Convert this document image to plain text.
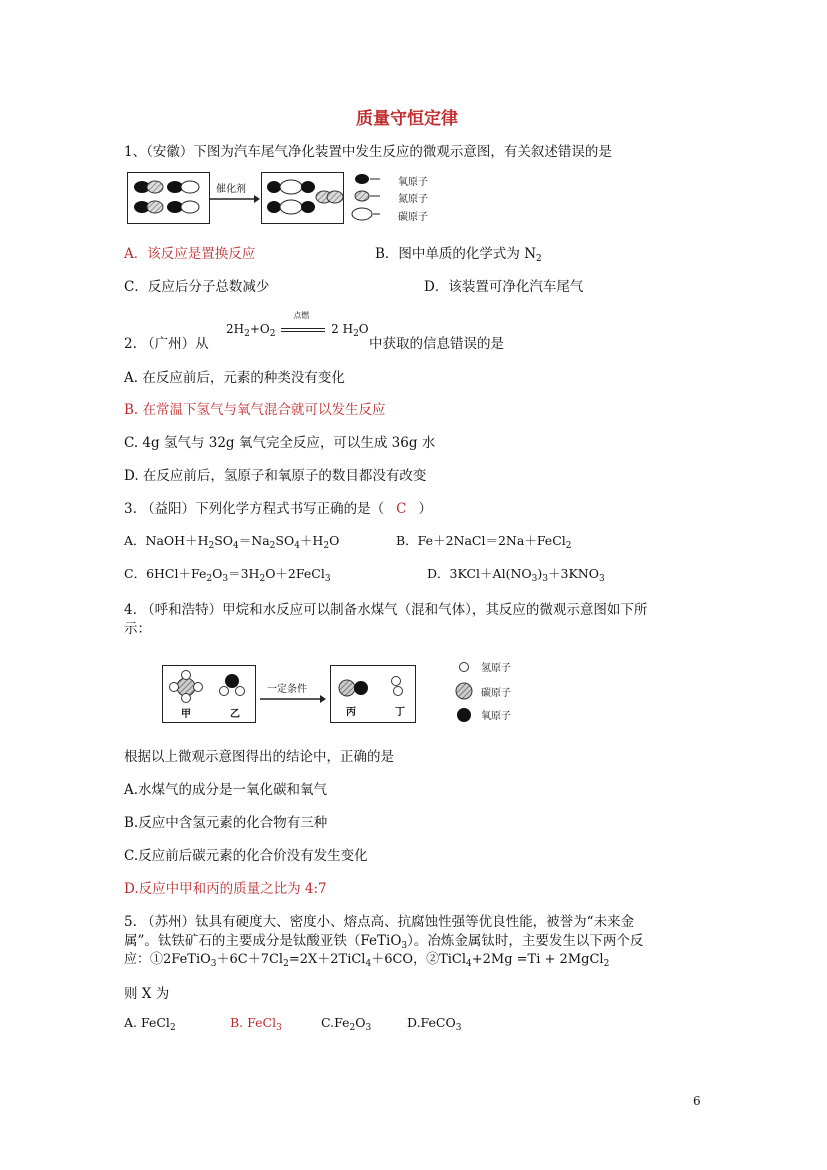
质量守恒定律
1、（安徽）下图为汽车尾气净化装置中发生反应的微观示意图，有关叙述错误的是
催化剂
氧原子
氮原子
碳原子
A．该反应是置换反应	B．图中单质的化学式为 $N_2$
C．反应后分子总数减少	D．该装置可净化汽车尾气
2. （广州）从
$2H_2+O_2$
点燃
2 $H_2O$
中获取的信息错误的是
A. 在反应前后，元素的种类没有变化
B. 在常温下氢气与氧气混合就可以发生反应
C. 4g 氢气与 32g 氧气完全反应，可以生成 36g 水
D. 在反应前后，氢原子和氧原子的数目都没有改变
3. （益阳）下列化学方程式书写正确的是（ C ）
A．$NaOH+H_2SO_4=Na_2SO_4+H_2O$	B．Fe＋2NaCl＝2Na＋FeCl$_2$
C．$6HCl+Fe_2O_3=3H_2O+2FeCl_3$	D．$3KCl+Al(NO_3)_3+3KNO_3$
4. （呼和浩特）甲烷和水反应可以制备水煤气（混和气体），其反应的微观示意图如下所
示：
甲	乙
一定条件
丙	丁
氢原子
碳原子
氧原子
根据以上微观示意图得出的结论中，正确的是
A.水煤气的成分是一氧化碳和氧气
B.反应中含氢元素的化合物有三种
C.反应前后碳元素的化合价没有发生变化
D.反应中甲和丙的质量之比为 4:7
5. （苏州）钛具有硬度大、密度小、熔点高、抗腐蚀性强等优良性能，被誉为“未来金
属”。钛铁矿石的主要成分是钛酸亚铁（FeTiO$_3$）。冶炼金属钛时，主要发生以下两个反
应：$①2FeTiO_3+6C+7Cl_2=2X+2TiCl_4+6CO$，②TiCl$_4$+2Mg =Ti + 2MgCl$_2$
则 X 为
A. FeCl$_2$	B. FeCl$_3$	$C.Fe_2O_3$	D.FeCO$_3$
6
